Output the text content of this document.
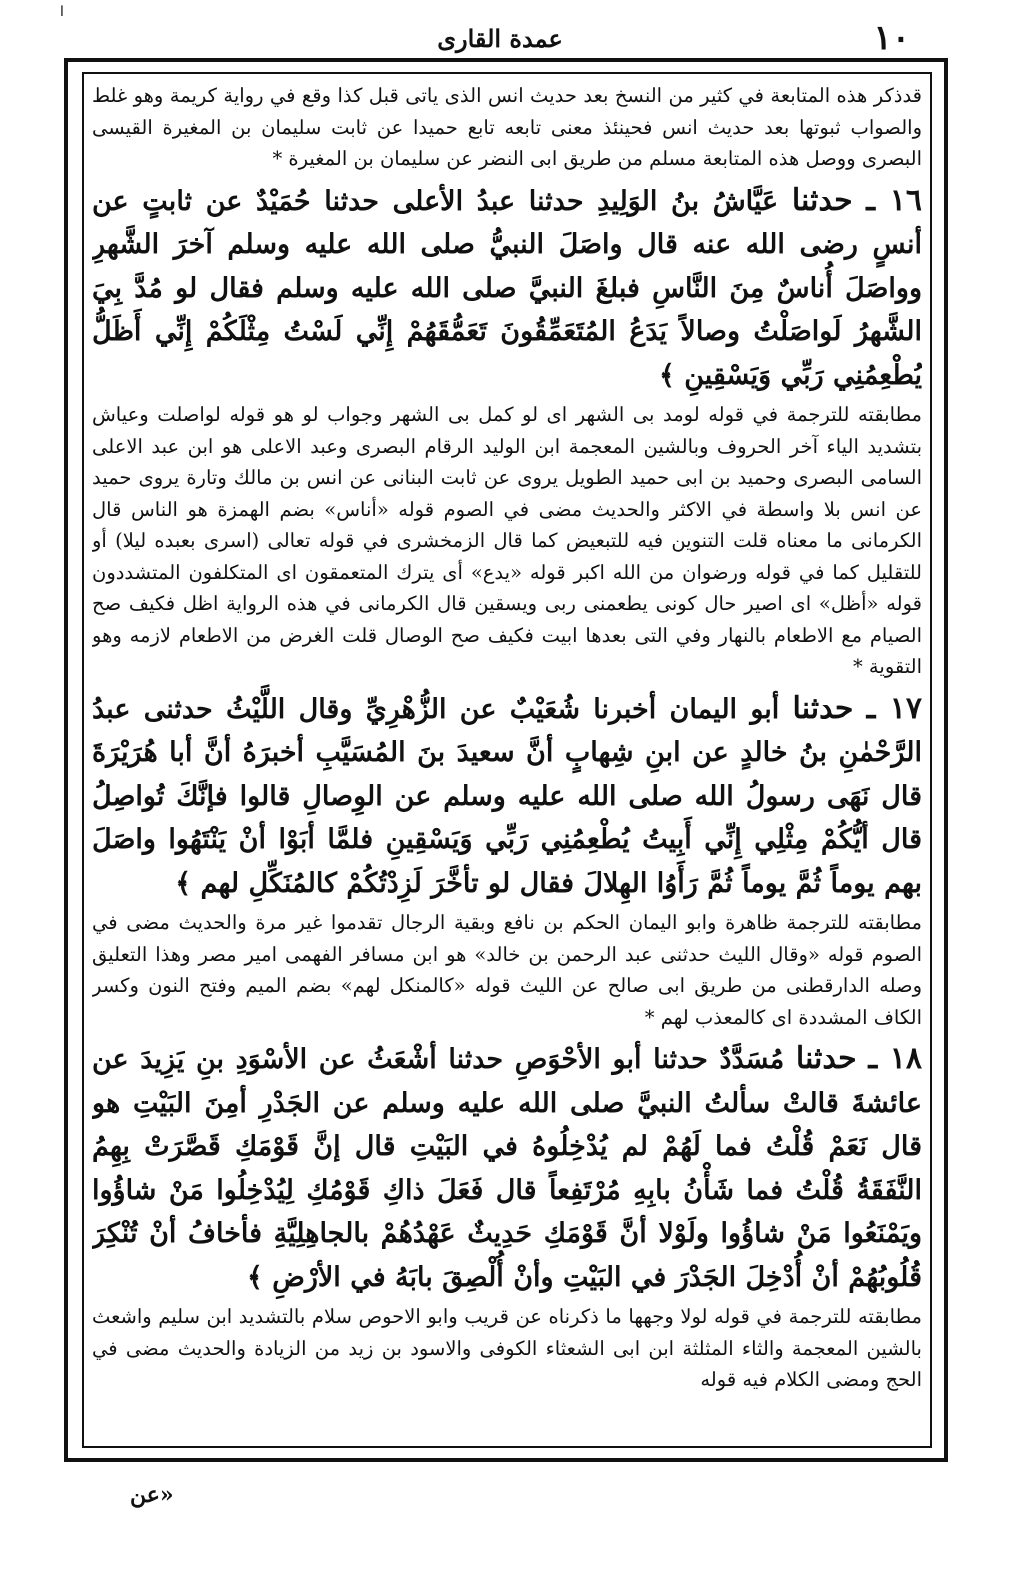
ا
عمدة القارى	١٠

قدذكر هذه المتابعة في كثير من النسخ بعد حديث انس الذى ياتى قبل كذا وقع في رواية كريمة وهو غلط والصواب ثبوتها بعد حديث انس فحينئذ معنى تابعه تابع حميدا عن ثابت سليمان بن المغيرة القيسى البصرى ووصل هذه المتابعة مسلم من طريق ابى النضر عن سليمان بن المغيرة *

١٦ ـ حدثنا عَيَّاشُ بنُ الوَلِيدِ حدثنا عبدُ الأعلى حدثنا حُمَيْدٌ عن ثابتٍ عن أنسٍ رضى الله عنه قال واصَلَ النبيُّ صلى الله عليه وسلم آخرَ الشَّهرِ وواصَلَ أُناسٌ مِنَ النَّاسِ فبلغَ النبيَّ صلى الله عليه وسلم فقال لو مُدَّ بِيَ الشَّهرُ لَواصَلْتُ وصالاً يَدَعُ المُتَعَمِّقُونَ تَعَمُّقَهُمْ إِنِّي لَسْتُ مِثْلَكُمْ إِنِّي أَظَلُّ يُطْعِمُنِي رَبِّي وَيَسْقِينِ ﴾

مطابقته للترجمة في قوله لومد بى الشهر اى لو كمل بى الشهر وجواب لو هو قوله لواصلت وعياش بتشديد الياء آخر الحروف وبالشين المعجمة ابن الوليد الرقام البصرى وعبد الاعلى هو ابن عبد الاعلى السامى البصرى وحميد بن ابى حميد الطويل يروى عن ثابت البنانى عن انس بن مالك وتارة يروى حميد عن انس بلا واسطة في الاكثر والحديث مضى في الصوم قوله «أناس» بضم الهمزة هو الناس قال الكرمانى ما معناه قلت التنوين فيه للتبعيض كما قال الزمخشرى في قوله تعالى (اسرى بعبده ليلا) أو للتقليل كما في قوله ورضوان من الله اكبر قوله «يدع» أى يترك المتعمقون اى المتكلفون المتشددون قوله «أظل» اى اصير حال كونى يطعمنى ربى ويسقين قال الكرمانى في هذه الرواية اظل فكيف صح الصيام مع الاطعام بالنهار وفي التى بعدها ابيت فكيف صح الوصال قلت الغرض من الاطعام لازمه وهو التقوية *

١٧ ـ حدثنا أبو اليمان أخبرنا شُعَيْبٌ عن الزُّهْرِيِّ وقال اللَّيْثُ حدثنى عبدُ الرَّحْمٰنِ بنُ خالدٍ عن ابنِ شِهابٍ أنَّ سعيدَ بنَ المُسَيَّبِ أخبرَهُ أنَّ أبا هُرَيْرَةَ قال نَهَى رسولُ الله صلى الله عليه وسلم عن الوِصالِ قالوا فإنَّكَ تُواصِلُ قال أيُّكُمْ مِثْلِي إِنِّي أَبِيتُ يُطْعِمُنِي رَبِّي وَيَسْقِينِ فلمَّا أبَوْا أنْ يَنْتَهُوا واصَلَ بهم يوماً ثُمَّ يوماً ثُمَّ رَأَوُا الهِلالَ فقال لو تأخَّرَ لَزِدْتُكُمْ كالمُنَكِّلِ لهم ﴾

مطابقته للترجمة ظاهرة وابو اليمان الحكم بن نافع وبقية الرجال تقدموا غير مرة والحديث مضى في الصوم قوله «وقال الليث حدثنى عبد الرحمن بن خالد» هو ابن مسافر الفهمى امير مصر وهذا التعليق وصله الدارقطنى من طريق ابى صالح عن الليث قوله «كالمنكل لهم» بضم الميم وفتح النون وكسر الكاف المشددة اى كالمعذب لهم *

١٨ ـ حدثنا مُسَدَّدٌ حدثنا أبو الأحْوَصِ حدثنا أشْعَثُ عن الأسْوَدِ بنِ يَزِيدَ عن عائشةَ قالتْ سألتُ النبيَّ صلى الله عليه وسلم عن الجَدْرِ أمِنَ البَيْتِ هو قال نَعَمْ قُلْتُ فما لَهُمْ لم يُدْخِلُوهُ في البَيْتِ قال إنَّ قَوْمَكِ قَصَّرَتْ بِهِمُ النَّفَقَةُ قُلْتُ فما شَأْنُ بابِهِ مُرْتَفِعاً قال فَعَلَ ذاكِ قَوْمُكِ لِيُدْخِلُوا مَنْ شاؤُوا ويَمْنَعُوا مَنْ شاؤُوا ولَوْلا أنَّ قَوْمَكِ حَدِيثٌ عَهْدُهُمْ بالجاهِلِيَّةِ فأخافُ أنْ تُنْكِرَ قُلُوبُهُمْ أنْ أُدْخِلَ الجَدْرَ في البَيْتِ وأنْ أُلْصِقَ بابَهُ في الأرْضِ ﴾

مطابقته للترجمة في قوله لولا وجهها ما ذكرناه عن قريب وابو الاحوص سلام بالتشديد ابن سليم واشعث بالشين المعجمة والثاء المثلثة ابن ابى الشعثاء الكوفى والاسود بن زيد من الزيادة والحديث مضى في الحج ومضى الكلام فيه قوله

«عن
